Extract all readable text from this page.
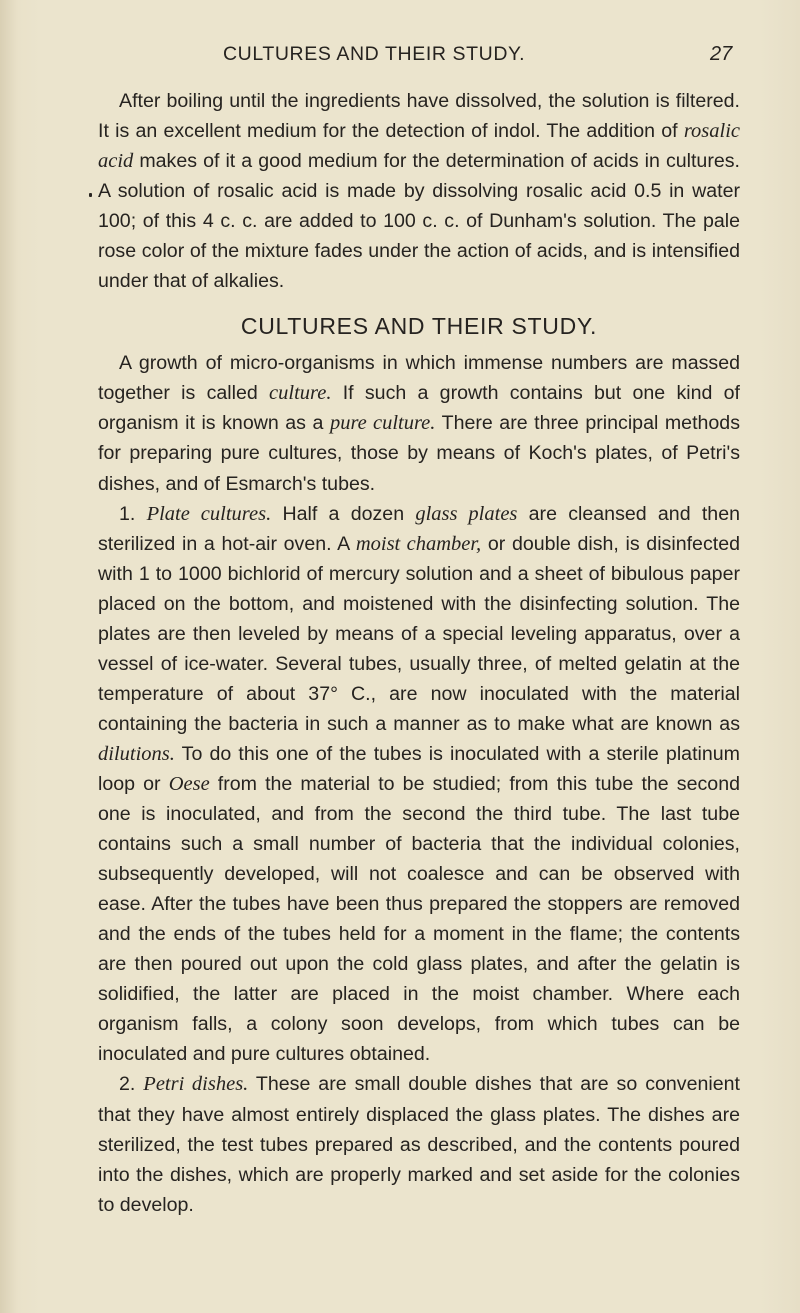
CULTURES AND THEIR STUDY.	27

After boiling until the ingredients have dissolved, the solution is filtered. It is an excellent medium for the detection of indol. The addition of rosalic acid makes of it a good medium for the determination of acids in cultures. A solution of rosalic acid is made by dissolving rosalic acid 0.5 in water 100; of this 4 c. c. are added to 100 c. c. of Dunham's solution. The pale rose color of the mixture fades under the action of acids, and is intensified under that of alkalies.

CULTURES AND THEIR STUDY.

A growth of micro-organisms in which immense numbers are massed together is called culture. If such a growth contains but one kind of organism it is known as a pure culture. There are three principal methods for preparing pure cultures, those by means of Koch's plates, of Petri's dishes, and of Esmarch's tubes.

1. Plate cultures. Half a dozen glass plates are cleansed and then sterilized in a hot-air oven. A moist chamber, or double dish, is disinfected with 1 to 1000 bichlorid of mercury solution and a sheet of bibulous paper placed on the bottom, and moistened with the disinfecting solution. The plates are then leveled by means of a special leveling apparatus, over a vessel of ice-water. Several tubes, usually three, of melted gelatin at the temperature of about 37° C., are now inoculated with the material containing the bacteria in such a manner as to make what are known as dilutions. To do this one of the tubes is inoculated with a sterile platinum loop or Oese from the material to be studied; from this tube the second one is inoculated, and from the second the third tube. The last tube contains such a small number of bacteria that the individual colonies, subsequently developed, will not coalesce and can be observed with ease. After the tubes have been thus prepared the stoppers are removed and the ends of the tubes held for a moment in the flame; the contents are then poured out upon the cold glass plates, and after the gelatin is solidified, the latter are placed in the moist chamber. Where each organism falls, a colony soon develops, from which tubes can be inoculated and pure cultures obtained.

2. Petri dishes. These are small double dishes that are so convenient that they have almost entirely displaced the glass plates. The dishes are sterilized, the test tubes prepared as described, and the contents poured into the dishes, which are properly marked and set aside for the colonies to develop.
